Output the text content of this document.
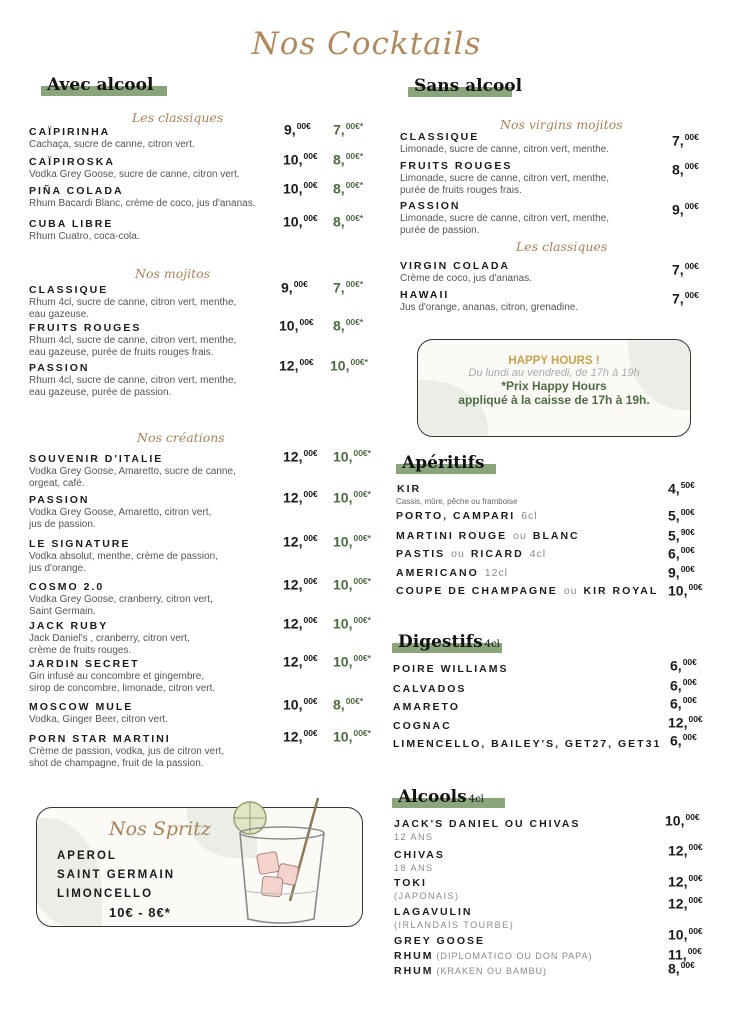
Nos Cocktails
Avec alcool
Les classiques
CAÏPIRINHA
Cachaça, sucre de canne, citron vert.
9,$^{00€}$ 7,$^{00€*}$
CAÏPIROSKA
Vodka Grey Goose, sucre de canne, citron vert.
10,$^{00€}$ 8,$^{00€*}$
PIÑA COLADA
Rhum Bacardi Blanc, crème de coco, jus d'ananas.
10,$^{00€}$ 8,$^{00€*}$
CUBA LIBRE
Rhum Cuatro, coca-cola.
10,$^{00€}$ 8,$^{00€*}$
Nos mojitos
CLASSIQUE
Rhum 4cl, sucre de canne, citron vert, menthe,
eau gazeuse.
9,$^{00€}$ 7,$^{00€*}$
FRUITS ROUGES
Rhum 4cl, sucre de canne, citron vert, menthe,
eau gazeuse, purée de fruits rouges frais.
10,$^{00€}$ 8,$^{00€*}$
PASSION
Rhum 4cl, sucre de canne, citron vert, menthe,
eau gazeuse, purée de passion.
12,$^{00€}$ 10,$^{00€*}$
Nos créations
SOUVENIR D'ITALIE
Vodka Grey Goose, Amaretto, sucre de canne,
orgeat, café.
12,$^{00€}$ 10,$^{00€*}$
PASSION
Vodka Grey Goose, Amaretto, citron vert,
jus de passion.
12,$^{00€}$ 10,$^{00€*}$
LE SIGNATURE
Vodka absolut, menthe, crème de passion,
jus d'orange.
12,$^{00€}$ 10,$^{00€*}$
COSMO 2.0
Vodka Grey Goose, cranberry, citron vert,
Saint Germain.
12,$^{00€}$ 10,$^{00€*}$
JACK RUBY
Jack Daniel's , cranberry, citron vert,
crème de fruits rouges.
12,$^{00€}$ 10,$^{00€*}$
JARDIN SECRET
Gin infusé au concombre et gingembre,
sirop de concombre, limonade, citron vert.
12,$^{00€}$ 10,$^{00€*}$
MOSCOW MULE
Vodka, Ginger Beer, citron vert.
10,$^{00€}$ 8,$^{00€*}$
PORN STAR MARTINI
Crème de passion, vodka, jus de citron vert,
shot de champagne, fruit de la passion.
12,$^{00€}$ 10,$^{00€*}$
Sans alcool
Nos virgins mojitos
CLASSIQUE
Limonade, sucre de canne, citron vert, menthe.
7,$^{00€}$
FRUITS ROUGES
Limonade, sucre de canne, citron vert, menthe,
purée de fruits rouges frais.
8,$^{00€}$
PASSION
Limonade, sucre de canne, citron vert, menthe,
purée de passion.
9,$^{00€}$
Les classiques
VIRGIN COLADA
Crème de coco, jus d'ananas.
7,$^{00€}$
HAWAII
Jus d'orange, ananas, citron, grenadine.
7,$^{00€}$
HAPPY HOURS !
Du lundi au vendredi, de 17h à 19h
*Prix Happy Hours
appliqué à la caisse de 17h à 19h.
Apéritifs
KIR
Cassis, mûre, pêche ou framboise
4,$^{50€}$
PORTO, CAMPARI 6cl	5,$^{00€}$
MARTINI ROUGE ou BLANC	5,$^{90€}$
PASTIS ou RICARD 4cl	6,$^{00€}$
AMERICANO 12cl	9,$^{00€}$
COUPE DE CHAMPAGNE ou KIR ROYAL 10,$^{00€}$
Digestifs 4cl
POIRE WILLIAMS	6,$^{00€}$
CALVADOS	6,$^{00€}$
AMARETO	6,$^{00€}$
COGNAC	12,$^{00€}$
LIMENCELLO, BAILEY'S, GET27, GET31 6,$^{00€}$
Alcools 4cl
JACK'S DANIEL OU CHIVAS
12 ANS
10,$^{00€}$
CHIVAS
18 ANS
12,$^{00€}$
TOKI
(JAPONAIS)
12,$^{00€}$
LAGAVULIN
(IRLANDAIS TOURBE)
12,$^{00€}$
GREY GOOSE	10,$^{00€}$
RHUM (DIPLOMATICO OU DON PAPA)	11,$^{00€}$
RHUM (KRAKEN OU BAMBU)	8,$^{00€}$
Nos Spritz
APEROL
SAINT GERMAIN
LIMONCELLO
10€ - 8€*
